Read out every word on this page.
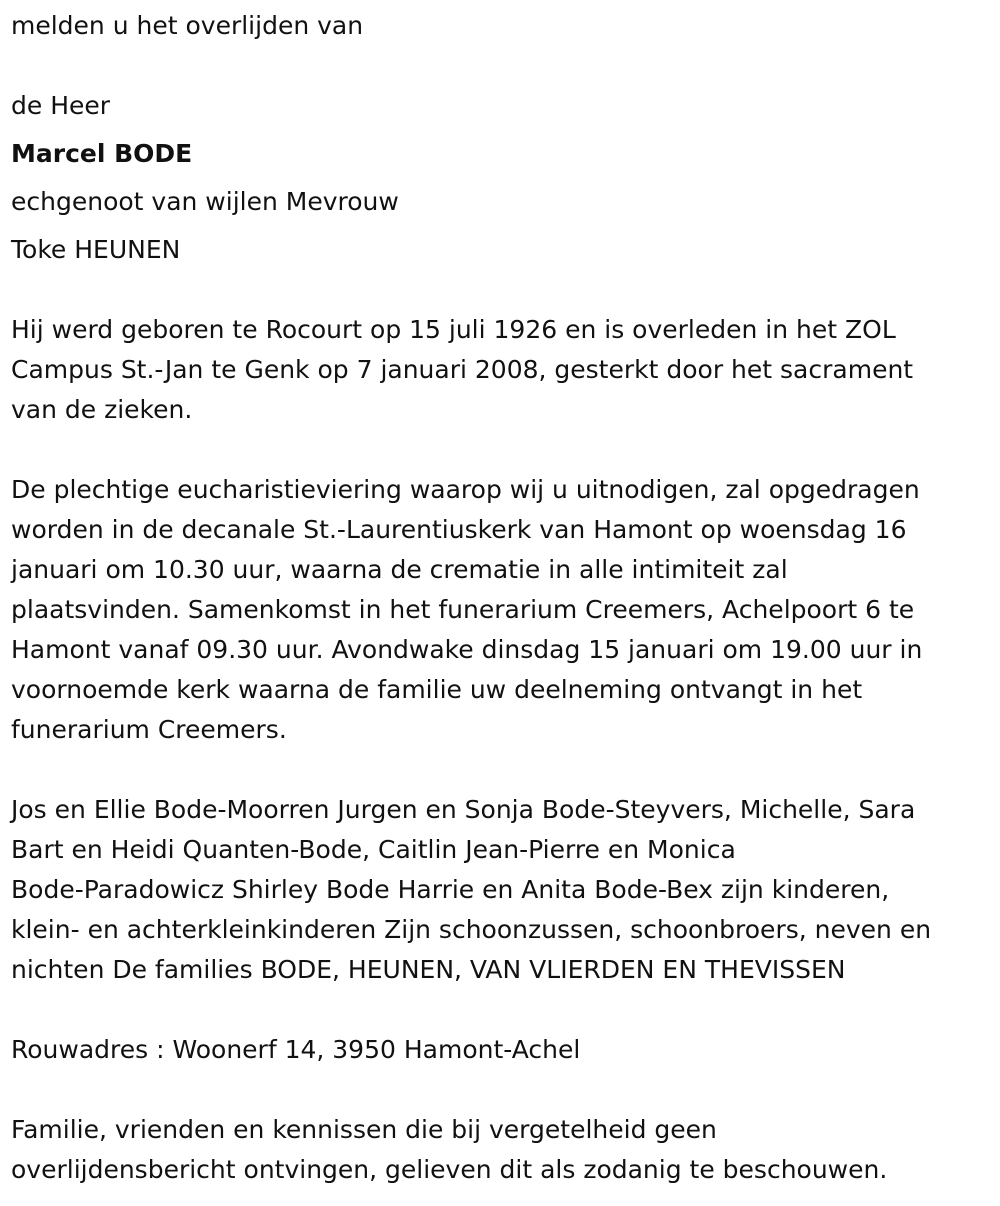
melden u het overlijden van
de Heer
Marcel BODE
echgenoot van wijlen Mevrouw
Toke HEUNEN
Hij werd geboren te Rocourt op 15 juli 1926 en is overleden in het ZOL
Campus St.-Jan te Genk op 7 januari 2008, gesterkt door het sacrament
van de zieken.
De plechtige eucharistieviering waarop wij u uitnodigen, zal opgedragen
worden in de decanale St.-Laurentiuskerk van Hamont op woensdag 16
januari om 10.30 uur, waarna de crematie in alle intimiteit zal
plaatsvinden. Samenkomst in het funerarium Creemers, Achelpoort 6 te
Hamont vanaf 09.30 uur. Avondwake dinsdag 15 januari om 19.00 uur in
voornoemde kerk waarna de familie uw deelneming ontvangt in het
funerarium Creemers.
Jos en Ellie Bode-Moorren Jurgen en Sonja Bode-Steyvers, Michelle, Sara
Bart en Heidi Quanten-Bode, Caitlin Jean-Pierre en Monica
Bode-Paradowicz Shirley Bode Harrie en Anita Bode-Bex zijn kinderen,
klein- en achterkleinkinderen Zijn schoonzussen, schoonbroers, neven en
nichten De families BODE, HEUNEN, VAN VLIERDEN EN THEVISSEN
Rouwadres : Woonerf 14, 3950 Hamont-Achel
Familie, vrienden en kennissen die bij vergetelheid geen
overlijdensbericht ontvingen, gelieven dit als zodanig te beschouwen.
